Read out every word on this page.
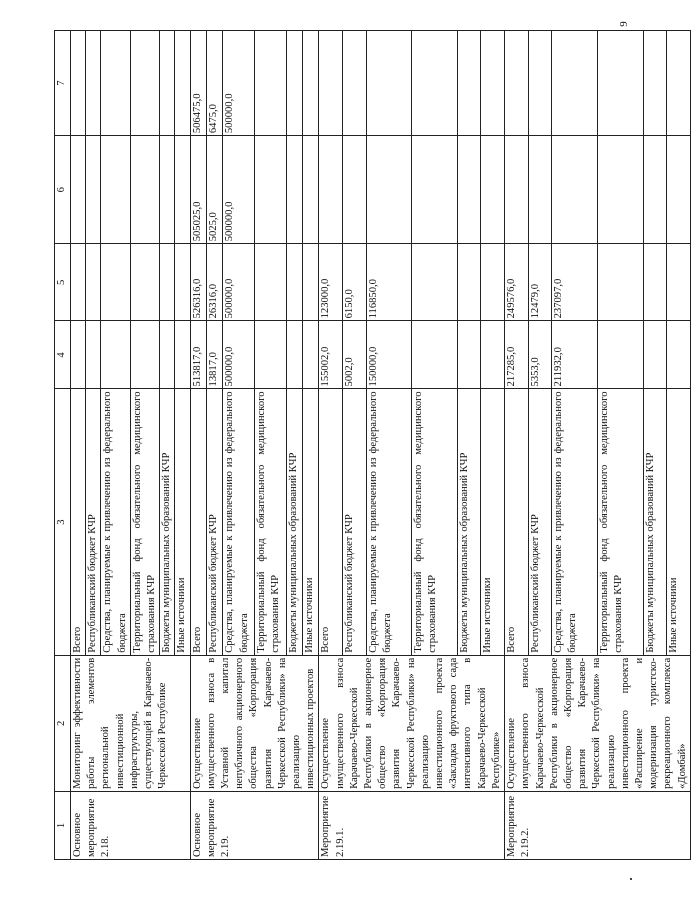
9
1	2	3	4	5	6	7
Основное мероприятие 2.18.	Мониторинг эффективности работы элементов региональной инвестиционной инфраструктуры, существующей в Карачаево-Черкесской Республике	Всего				
		Республиканский бюджет КЧР				
		Средства, планируемые к привлечению из федерального бюджета				
		Территориальный фонд обязательного медицинского страхования КЧР				
		Бюджеты муниципальных образований КЧР				
		Иные источники				
Основное мероприятие 2.19.	Осуществление имущественного взноса в Уставной капитал непубличного акционерного общества «Корпорация развития Карачаево-Черкесской Республики» на реализацию инвестиционных проектов	Всего	513817,0	526316,0	505025,0	506475,0
		Республиканский бюджет КЧР	13817,0	26316,0	5025,0	6475,0
		Средства, планируемые к привлечению из федерального бюджета	500000,0	500000,0	500000,0	500000,0
		Территориальный фонд обязательного медицинского страхования КЧР				
		Бюджеты муниципальных образований КЧР				
		Иные источники				
Мероприятие 2.19.1.	Осуществление имущественного взноса Карачаево-Черкесской Республики в акционерное общество «Корпорация развития Карачаево-Черкесской Республики» на реализацию инвестиционного проекта «Закладка фруктового сада интенсивного типа в Карачаево-Черкесской Республике»	Всего	155002,0	123000,0		
		Республиканский бюджет КЧР	5002,0	6150,0		
		Средства, планируемые к привлечению из федерального бюджета	150000,0	116850,0		
		Территориальный фонд обязательного медицинского страхования КЧР				
		Бюджеты муниципальных образований КЧР				
		Иные источники				
Мероприятие 2.19.2.	Осуществление имущественного взноса Карачаево-Черкесской Республики в акционерное общество «Корпорация развития Карачаево-Черкесской Республики» на реализацию инвестиционного проекта «Расширение и модернизация туристско-рекреационного комплекса «Домбай»	Всего	217285,0	249576,0		
		Республиканский бюджет КЧР	5353,0	12479,0		
		Средства, планируемые к привлечению из федерального бюджета	211932,0	237097,0		
		Территориальный фонд обязательного медицинского страхования КЧР				
		Бюджеты муниципальных образований КЧР				
		Иные источники				
